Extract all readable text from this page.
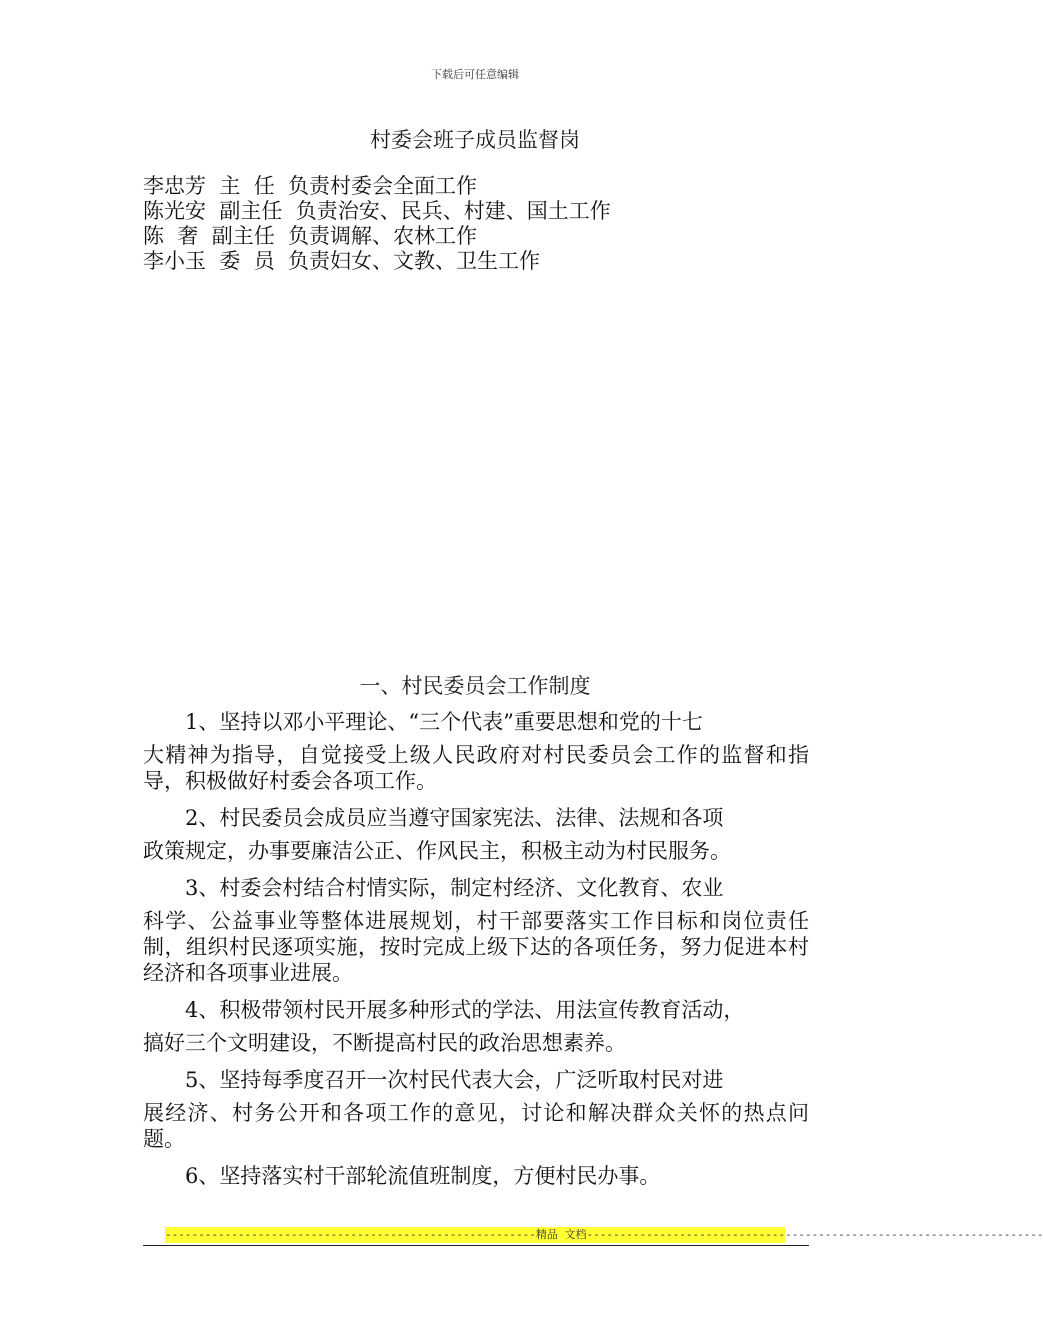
下载后可任意编辑
村委会班子成员监督岗
李忠芳  主  任  负责村委会全面工作
陈光安  副主任  负责治安、民兵、村建、国土工作
陈  奢  副主任  负责调解、农林工作
李小玉  委  员  负责妇女、文教、卫生工作
一、村民委员会工作制度

1、坚持以邓小平理论、“三个代表”重要思想和党的十七
大精神为指导，自觉接受上级人民政府对村民委员会工作的监督和指导，积极做好村委会各项工作。

2、村民委员会成员应当遵守国家宪法、法律、法规和各项
政策规定，办事要廉洁公正、作风民主，积极主动为村民服务。

3、村委会村结合村情实际，制定村经济、文化教育、农业
科学、公益事业等整体进展规划，村干部要落实工作目标和岗位责任制，组织村民逐项实施，按时完成上级下达的各项任务，努力促进本村经济和各项事业进展。

4、积极带领村民开展多种形式的学法、用法宣传教育活动，
搞好三个文明建设，不断提高村民的政治思想素养。

5、坚持每季度召开一次村民代表大会，广泛听取村民对进
展经济、村务公开和各项工作的意见，讨论和解决群众关怀的热点问题。

6、坚持落实村干部轮流值班制度，方便村民办事。

--------------------------------------------------------精品 文档---------------------------------------------------------------------
